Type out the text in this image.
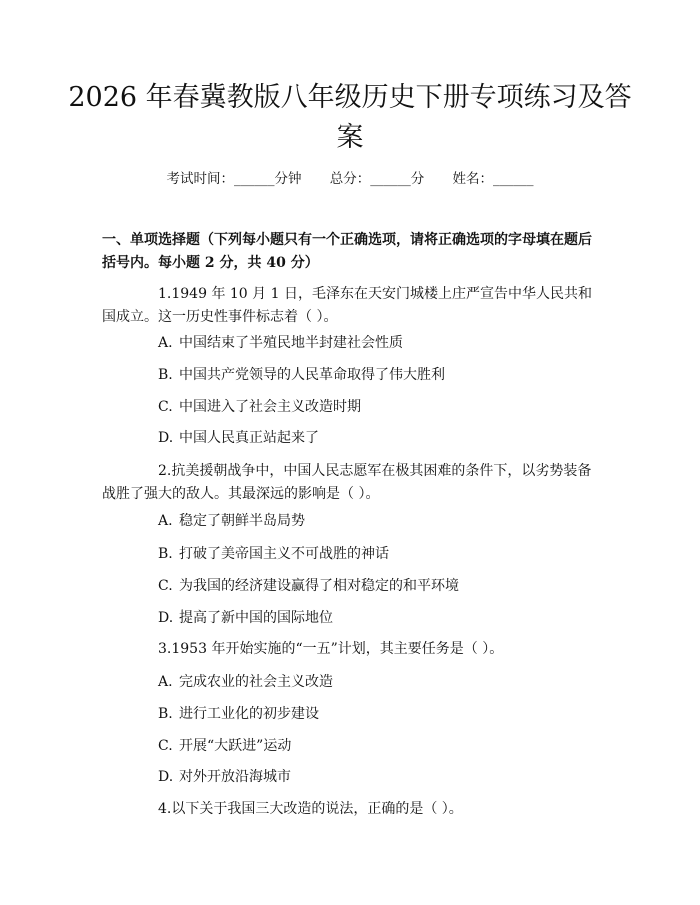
2026 年春冀教版八年级历史下册专项练习及答案
考试时间：______分钟 总分：______分 姓名：______
一、单项选择题（下列每小题只有一个正确选项，请将正确选项的字母填在题后括号内。每小题 2 分，共 40 分）
1.1949 年 10 月 1 日，毛泽东在天安门城楼上庄严宣告中华人民共和国成立。这一历史性事件标志着（ ）。
A. 中国结束了半殖民地半封建社会性质
B. 中国共产党领导的人民革命取得了伟大胜利
C. 中国进入了社会主义改造时期
D. 中国人民真正站起来了
2.抗美援朝战争中，中国人民志愿军在极其困难的条件下，以劣势装备战胜了强大的敌人。其最深远的影响是（ ）。
A. 稳定了朝鲜半岛局势
B. 打破了美帝国主义不可战胜的神话
C. 为我国的经济建设赢得了相对稳定的和平环境
D. 提高了新中国的国际地位
3.1953 年开始实施的“一五”计划，其主要任务是（ ）。
A. 完成农业的社会主义改造
B. 进行工业化的初步建设
C. 开展“大跃进”运动
D. 对外开放沿海城市
4.以下关于我国三大改造的说法，正确的是（ ）。
